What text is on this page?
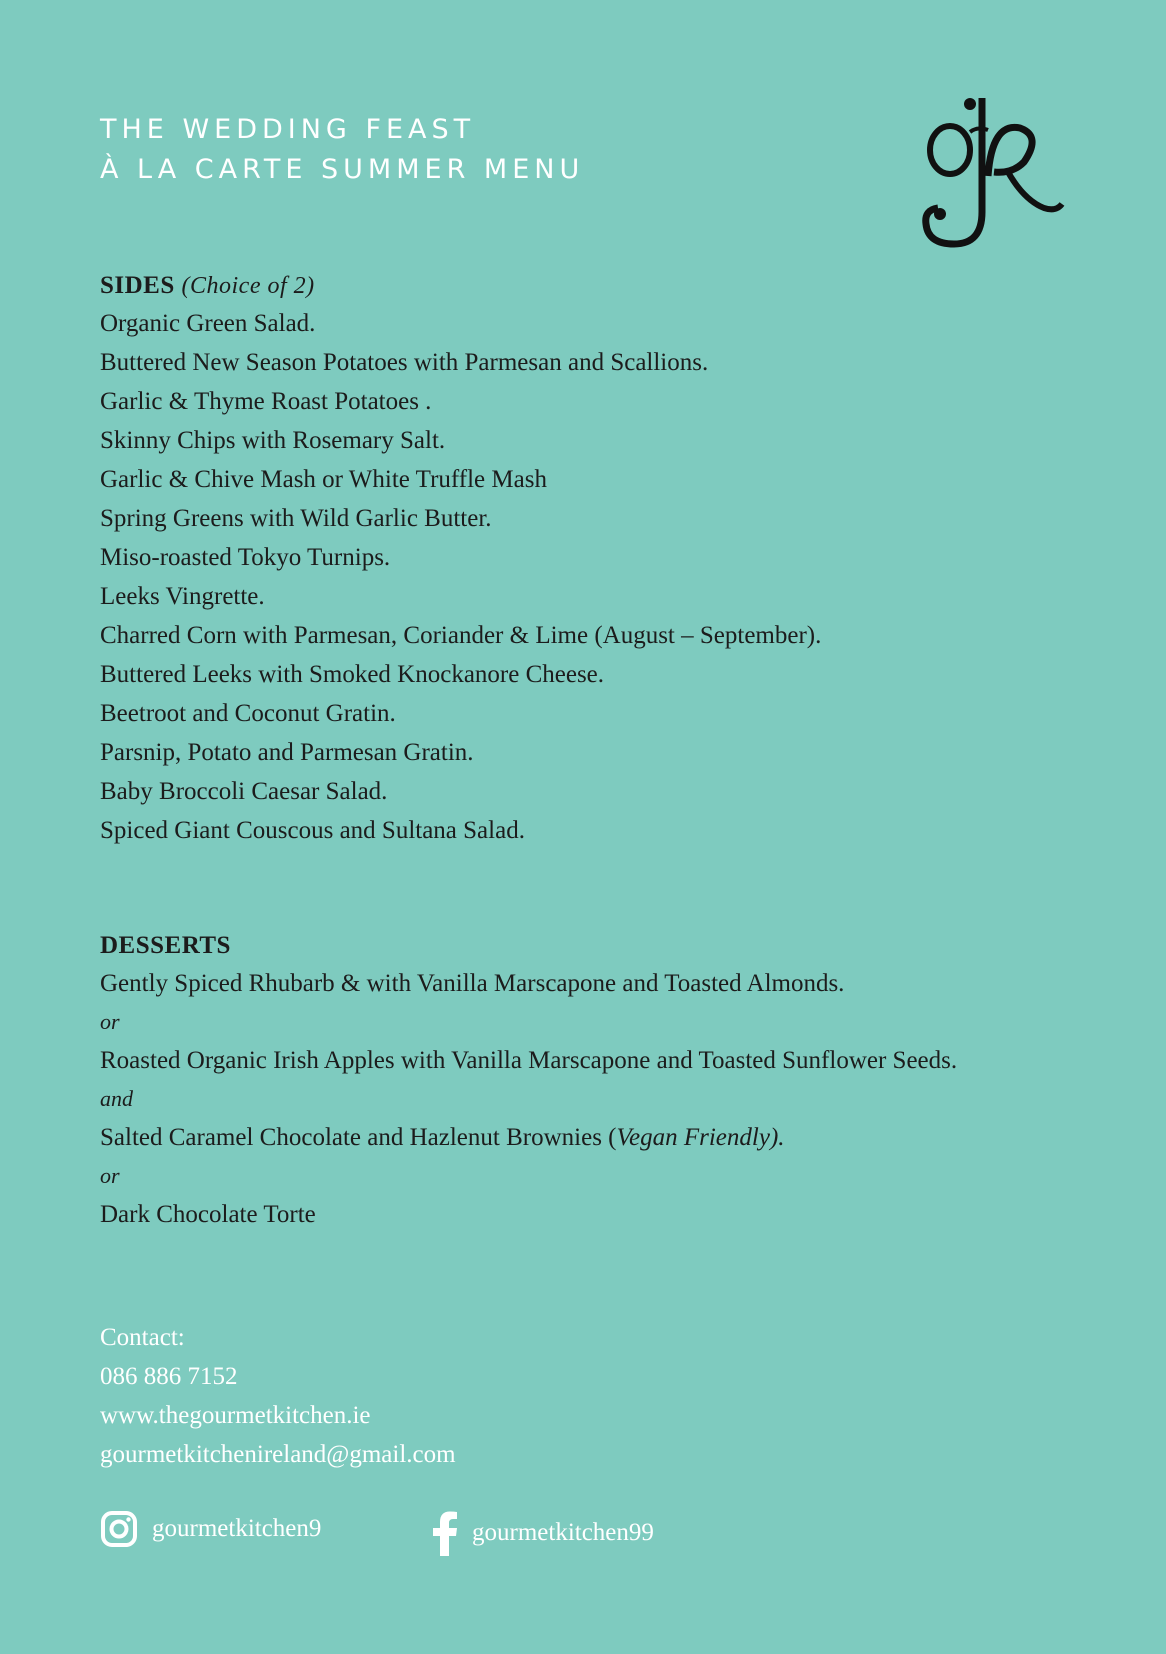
THE WEDDING FEAST
À LA CARTE SUMMER MENU
SIDES (Choice of 2)
Organic Green Salad.
Buttered New Season Potatoes with Parmesan and Scallions.
Garlic & Thyme Roast Potatoes .
Skinny Chips with Rosemary Salt.
Garlic & Chive Mash or White Truffle Mash
Spring Greens with Wild Garlic Butter.
Miso-roasted Tokyo Turnips.
Leeks Vingrette.
Charred Corn with Parmesan, Coriander & Lime (August – September).
Buttered Leeks with Smoked Knockanore Cheese.
Beetroot and Coconut Gratin.
Parsnip, Potato and Parmesan Gratin.
Baby Broccoli Caesar Salad.
Spiced Giant Couscous and Sultana Salad.
DESSERTS
Gently Spiced Rhubarb & with Vanilla Marscapone and Toasted Almonds.
or
Roasted Organic Irish Apples with Vanilla Marscapone and Toasted Sunflower Seeds.
and
Salted Caramel Chocolate and Hazlenut Brownies (Vegan Friendly).
or
Dark Chocolate Torte
Contact:
086 886 7152
www.thegourmetkitchen.ie
gourmetkitchenireland@gmail.com
gourmetkitchen9	gourmetkitchen99
